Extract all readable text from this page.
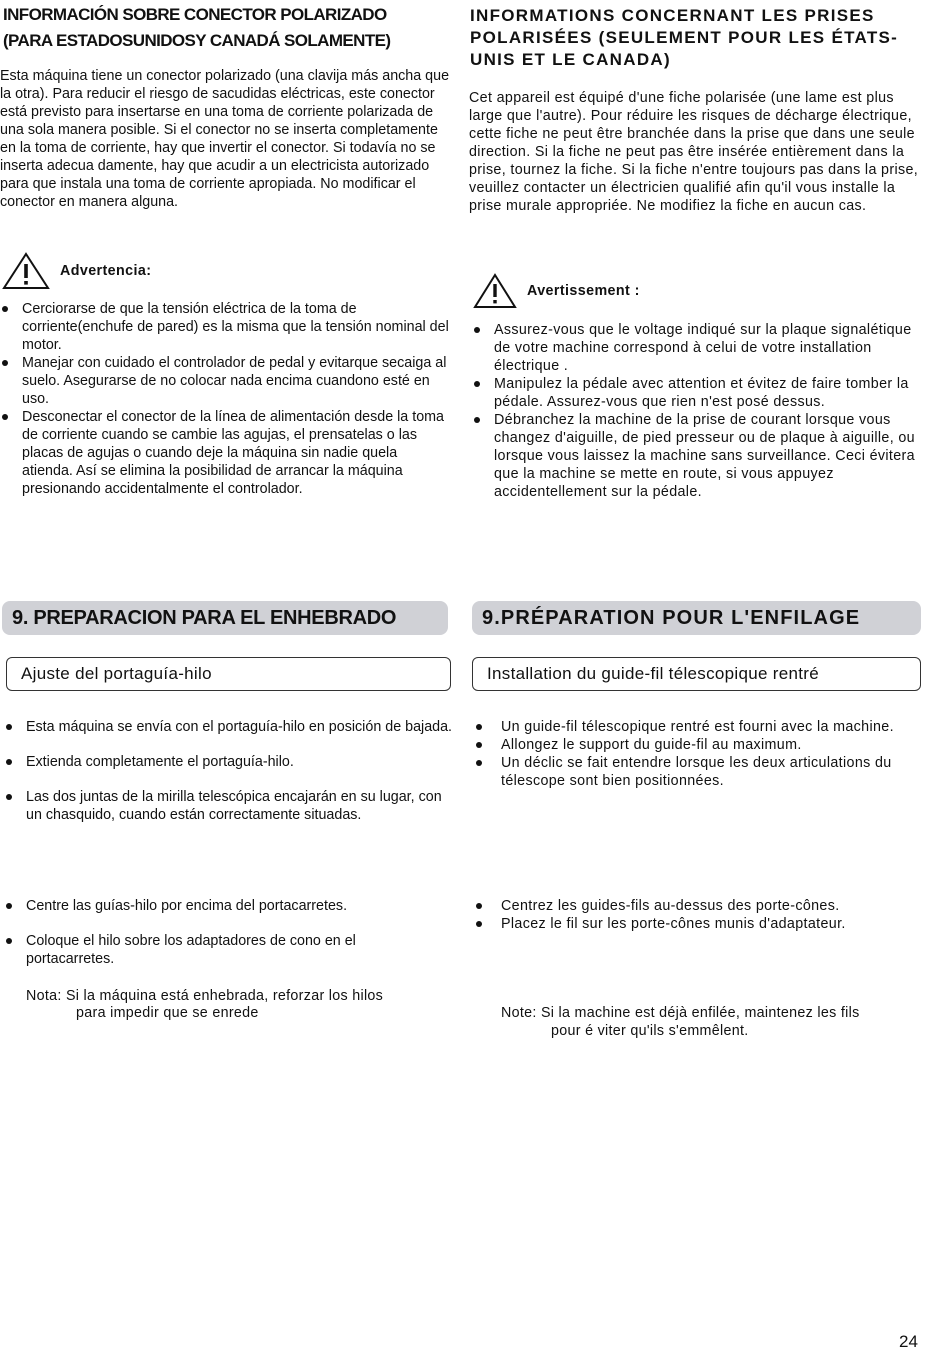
INFORMACIÓN SOBRE CONECTOR POLARIZADO
(PARA ESTADOSUNIDOSY CANADÁ SOLAMENTE)
Esta máquina tiene un conector polarizado (una clavija más ancha que la otra). Para reducir el riesgo de sacudidas eléctricas, este conector está previsto para insertarse en una toma de corriente polarizada de una sola manera posible. Si el conector no se inserta completamente en la toma de corriente, hay que invertir el conector. Si todavía no se inserta adecua damente, hay que acudir a un electricista autorizado para que instala una toma de corriente apropiada. No modificar el conector en manera alguna.
Advertencia:
Cerciorarse de que la tensión eléctrica de la toma de corriente(enchufe de pared) es la misma que la tensión nominal del motor.
Manejar con cuidado el controlador de pedal y evitarque secaiga al suelo. Asegurarse de no colocar nada encima cuandono esté en uso.
Desconectar el conector de la línea de alimentación desde la toma de corriente cuando se cambie las agujas, el prensatelas o las placas de agujas o cuando deje la máquina sin nadie quela atienda. Así se elimina la posibilidad de arrancar la máquina presionando accidentalmente el controlador.
9. PREPARACION PARA EL ENHEBRADO
Ajuste del portaguía-hilo
Esta máquina se envía con el portaguía-hilo en posición de bajada.
Extienda completamente el portaguía-hilo.
Las dos juntas de la mirilla telescópica encajarán en su lugar, con un chasquido, cuando están correctamente situadas.
Centre las guías-hilo por encima del portacarretes.
Coloque el hilo sobre los adaptadores de cono en el portacarretes.
Nota: Si la máquina está enhebrada, reforzar los hilos
para impedir que se enrede
INFORMATIONS CONCERNANT LES PRISES POLARISÉES (SEULEMENT POUR LES ÉTATS-UNIS ET LE CANADA)
Cet appareil est équipé d'une fiche polarisée (une lame est plus large que l'autre). Pour réduire les risques de décharge électrique, cette fiche ne peut être branchée dans la prise que dans une seule direction. Si la fiche ne peut pas être insérée entièrement dans la prise, tournez la fiche. Si la fiche n'entre toujours pas dans la prise, veuillez contacter un électricien qualifié afin qu'il vous installe la prise murale appropriée. Ne modifiez la fiche en aucun cas.
Avertissement :
Assurez-vous que le voltage indiqué sur la plaque signalétique de votre machine correspond à celui de votre installation électrique .
Manipulez la pédale avec attention et évitez de faire tomber la pédale. Assurez-vous que rien n'est posé dessus.
Débranchez la machine de la prise de courant lorsque vous changez d'aiguille, de pied presseur ou de plaque à aiguille, ou lorsque vous laissez la machine sans surveillance. Ceci évitera que la machine se mette en route, si vous appuyez accidentellement sur la pédale.
9.PRÉPARATION POUR L'ENFILAGE
Installation du guide-fil télescopique rentré
Un guide-fil télescopique rentré est fourni avec la machine.
Allongez le support du guide-fil au maximum.
Un déclic se fait entendre lorsque les deux articulations du télescope sont bien positionnées.
Centrez les guides-fils au-dessus des porte-cônes.
Placez le fil sur les porte-cônes munis d'adaptateur.
Note: Si la machine est déjà enfilée, maintenez les fils
pour é viter qu'ils s'emmêlent.
24
